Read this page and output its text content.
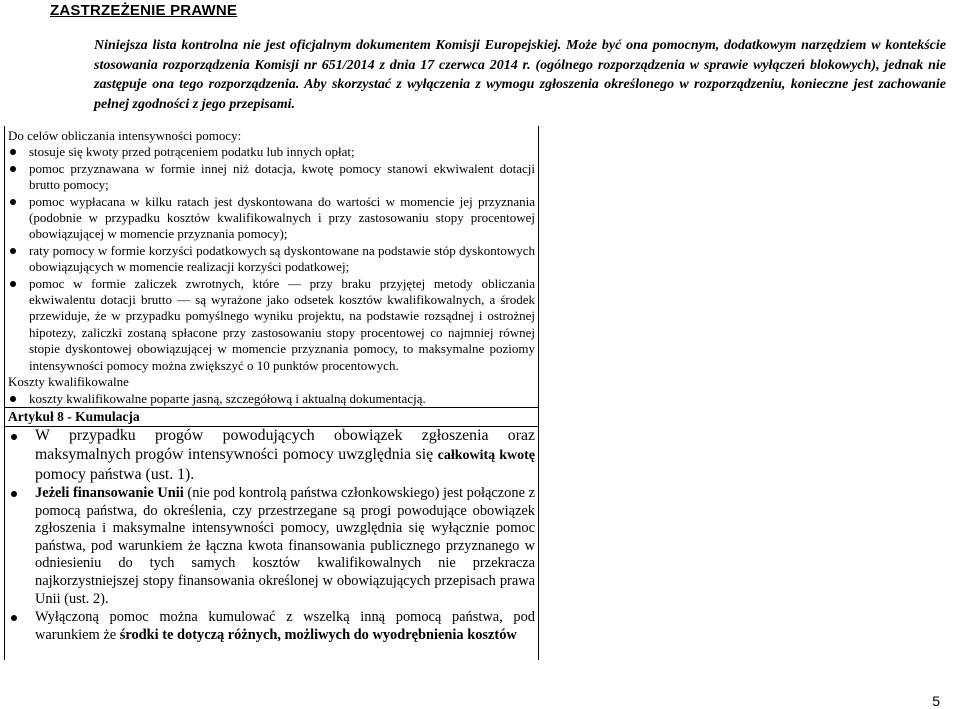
ZASTRZEŻENIE PRAWNE

Niniejsza lista kontrolna nie jest oficjalnym dokumentem Komisji Europejskiej. Może być ona pomocnym, dodatkowym narzędziem w kontekście stosowania rozporządzenia Komisji nr 651/2014 z dnia 17 czerwca 2014 r. (ogólnego rozporządzenia w sprawie wyłączeń blokowych), jednak nie zastępuje ona tego rozporządzenia. Aby skorzystać z wyłączenia z wymogu zgłoszenia określonego w rozporządzeniu, konieczne jest zachowanie pełnej zgodności z jego przepisami.

Do celów obliczania intensywności pomocy:

stosuje się kwoty przed potrąceniem podatku lub innych opłat;
pomoc przyznawana w formie innej niż dotacja, kwotę pomocy stanowi ekwiwalent dotacji brutto pomocy;
pomoc wypłacana w kilku ratach jest dyskontowana do wartości w momencie jej przyznania (podobnie w przypadku kosztów kwalifikowalnych i przy zastosowaniu stopy procentowej obowiązującej w momencie przyznania pomocy);
raty pomocy w formie korzyści podatkowych są dyskontowane na podstawie stóp dyskontowych obowiązujących w momencie realizacji korzyści podatkowej;
pomoc w formie zaliczek zwrotnych, które — przy braku przyjętej metody obliczania ekwiwalentu dotacji brutto — są wyrażone jako odsetek kosztów kwalifikowalnych, a środek przewiduje, że w przypadku pomyślnego wyniku projektu, na podstawie rozsądnej i ostrożnej hipotezy, zaliczki zostaną spłacone przy zastosowaniu stopy procentowej co najmniej równej stopie dyskontowej obowiązującej w momencie przyznania pomocy, to maksymalne poziomy intensywności pomocy można zwiększyć o 10 punktów procentowych.

Koszty kwalifikowalne

koszty kwalifikowalne poparte jasną, szczegółową i aktualną dokumentacją.

Artykuł 8 - Kumulacja

W przypadku progów powodujących obowiązek zgłoszenia oraz maksymalnych progów intensywności pomocy uwzględnia się całkowitą kwotę pomocy państwa (ust. 1).
Jeżeli finansowanie Unii (nie pod kontrolą państwa członkowskiego) jest połączone z pomocą państwa, do określenia, czy przestrzegane są progi powodujące obowiązek zgłoszenia i maksymalne intensywności pomocy, uwzględnia się wyłącznie pomoc państwa, pod warunkiem że łączna kwota finansowania publicznego przyznanego w odniesieniu do tych samych kosztów kwalifikowalnych nie przekracza najkorzystniejszej stopy finansowania określonej w obowiązujących przepisach prawa Unii (ust. 2).
Wyłączoną pomoc można kumulować z wszelką inną pomocą państwa, pod warunkiem że środki te dotyczą różnych, możliwych do wyodrębnienia kosztów
5
